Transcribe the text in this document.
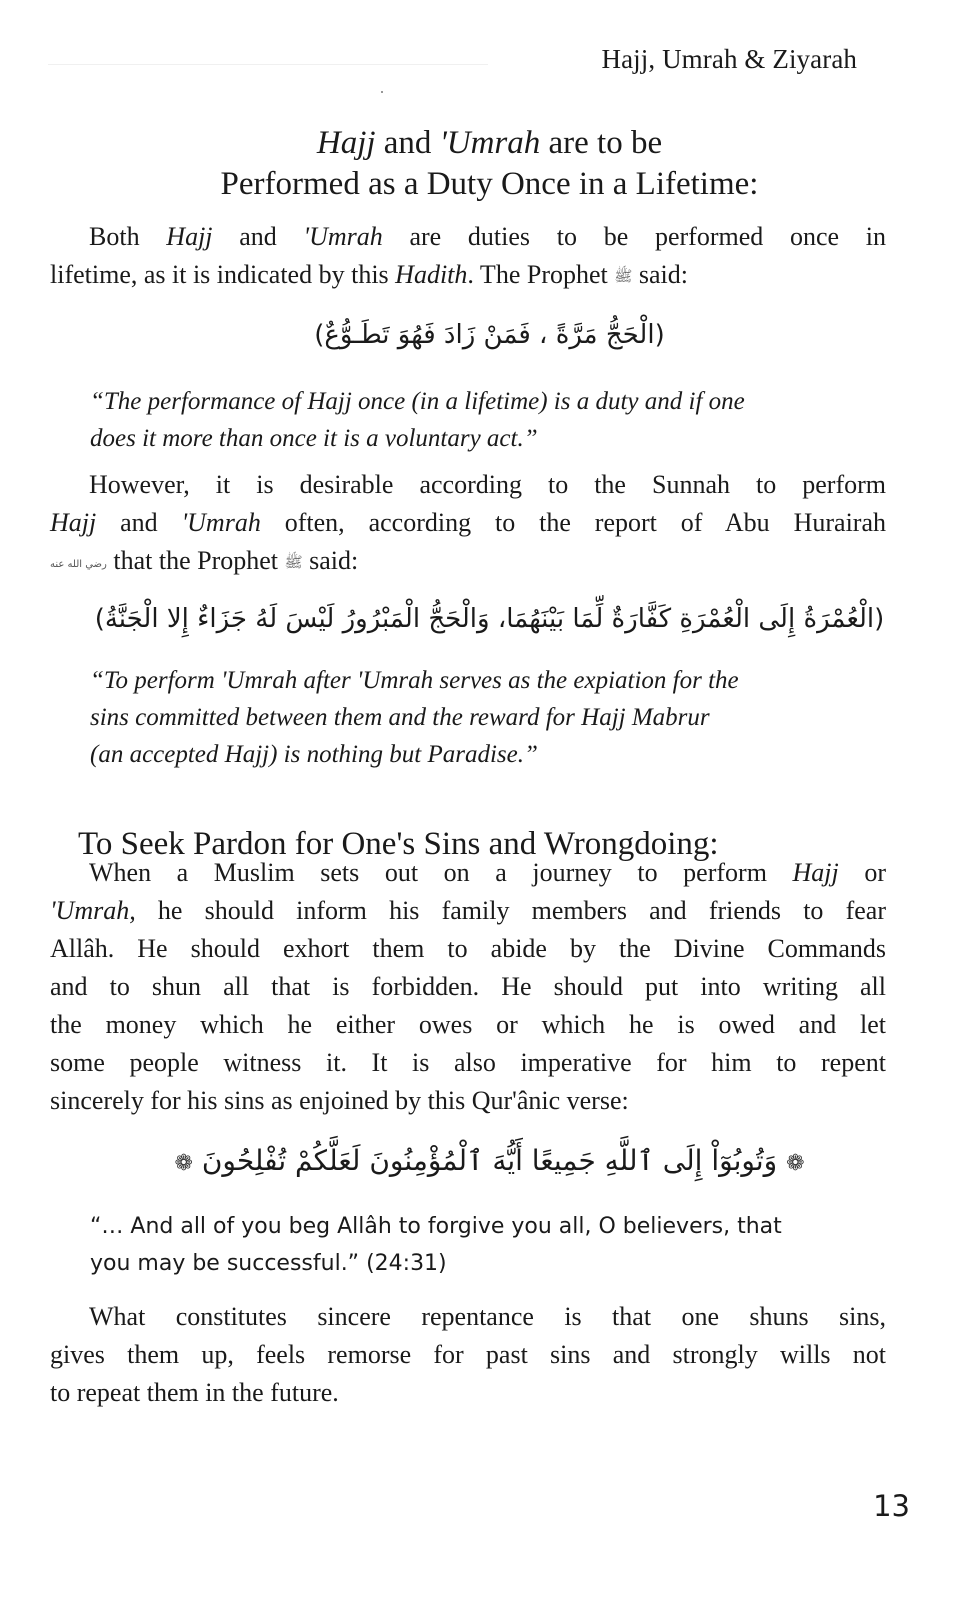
Hajj, Umrah & Ziyarah
Hajj and 'Umrah are to be
Performed as a Duty Once in a Lifetime:
Both Hajj and 'Umrah are duties to be performed once in
lifetime, as it is indicated by this Hadith. The Prophet ﷺ said:
(الْحَجُّ مَرَّةً ، فَمَنْ زَادَ فَهُوَ تَطَـوُّعٌ)
“The performance of Hajj once (in a lifetime) is a duty and if one
does it more than once it is a voluntary act.”
However, it is desirable according to the Sunnah to perform
Hajj and 'Umrah often, according to the report of Abu Hurairah
رضي الله عنه that the Prophet ﷺ said:
(الْعُمْرَةُ إِلَى الْعُمْرَةِ كَفَّارَةٌ لِّمَا بَيْنَهُمَا، وَالْحَجُّ الْمَبْرُورُ لَيْسَ لَهُ جَزَاءٌ إِلا الْجَنَّةُ)
“To perform 'Umrah after 'Umrah serves as the expiation for the
sins committed between them and the reward for Hajj Mabrur
(an accepted Hajj) is nothing but Paradise.”
To Seek Pardon for One's Sins and Wrongdoing:
When a Muslim sets out on a journey to perform Hajj or
'Umrah, he should inform his family members and friends to fear
Allâh. He should exhort them to abide by the Divine Commands
and to shun all that is forbidden. He should put into writing all
the money which he either owes or which he is owed and let
some people witness it. It is also imperative for him to repent
sincerely for his sins as enjoined by this Qur'ânic verse:
❁ وَتُوبُوٓاْ إِلَى ٱللَّهِ جَمِيعًا أَيُّهَ ٱلْمُؤْمِنُونَ لَعَلَّكُمْ تُفْلِحُونَ ❁
“… And all of you beg Allâh to forgive you all, O believers, that
you may be successful.” (24:31)
What constitutes sincere repentance is that one shuns sins,
gives them up, feels remorse for past sins and strongly wills not
to repeat them in the future.
13
